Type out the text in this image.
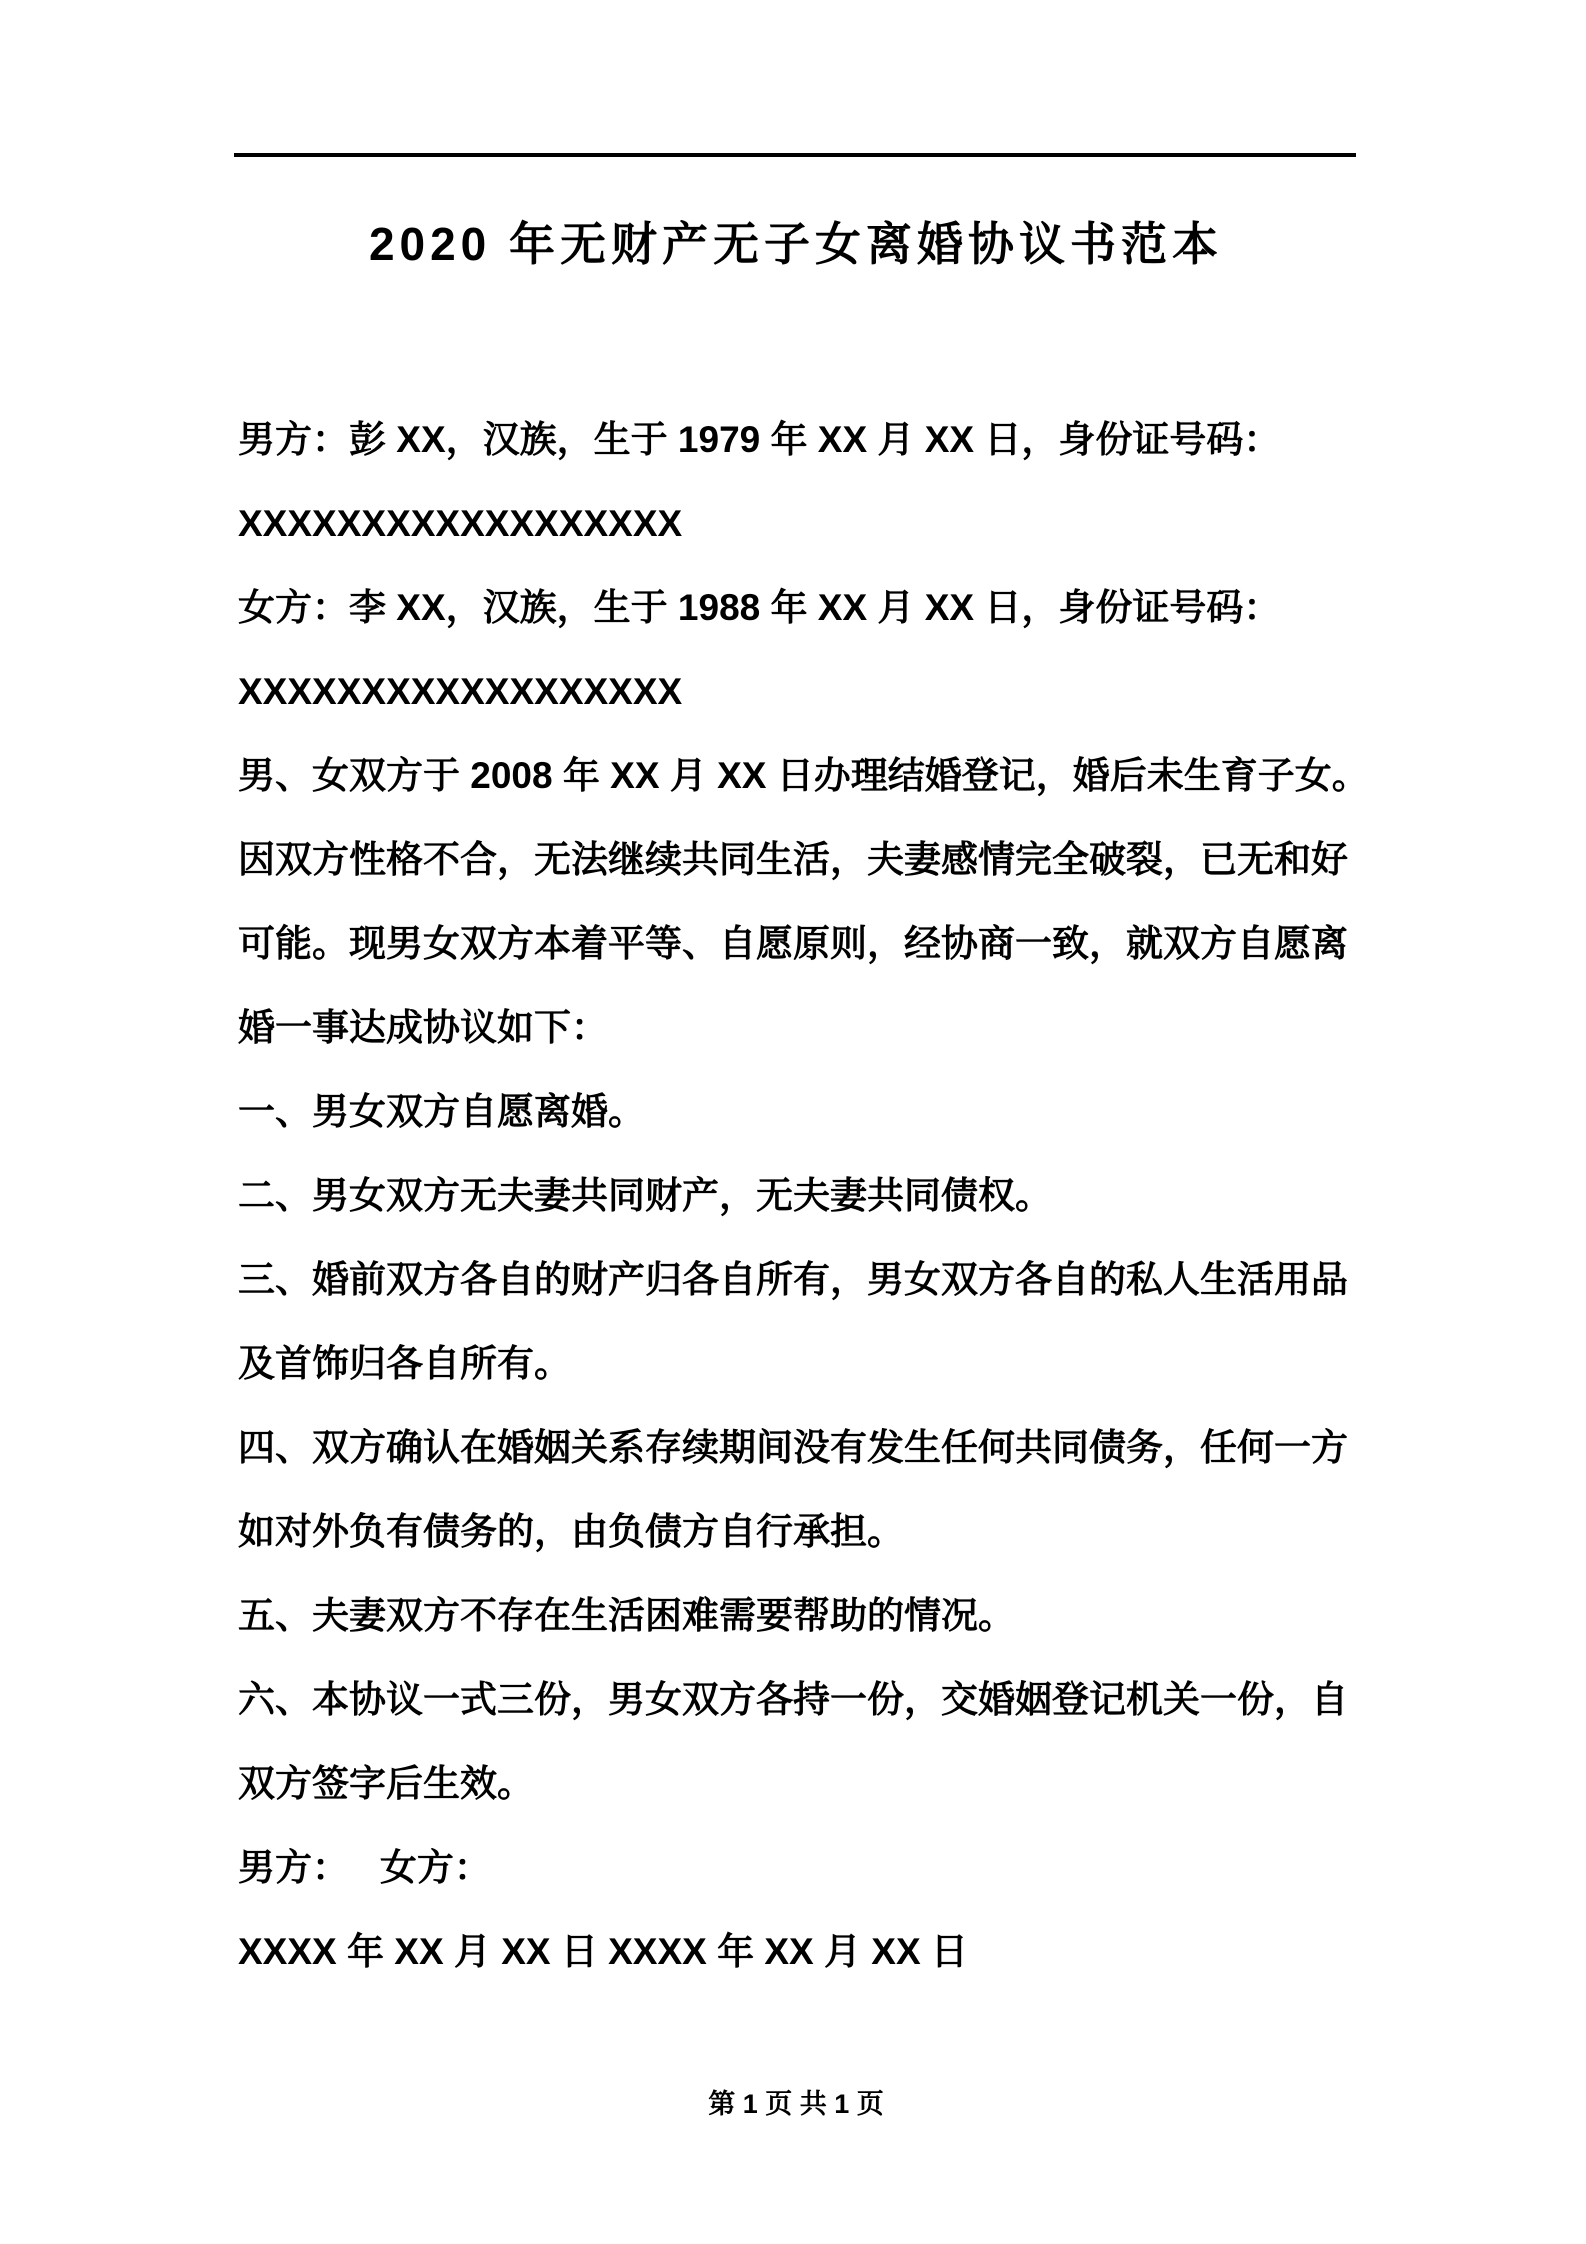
2020 年无财产无子女离婚协议书范本
男方：彭 XX，汉族，生于 1979 年 XX 月 XX 日，身份证号码：
XXXXXXXXXXXXXXXXXX
女方：李 XX，汉族，生于 1988 年 XX 月 XX 日，身份证号码：
XXXXXXXXXXXXXXXXXX
男、女双方于 2008 年 XX 月 XX 日办理结婚登记，婚后未生育子女。
因双方性格不合，无法继续共同生活，夫妻感情完全破裂，已无和好
可能。现男女双方本着平等、自愿原则，经协商一致，就双方自愿离
婚一事达成协议如下：
一、男女双方自愿离婚。
二、男女双方无夫妻共同财产，无夫妻共同债权。
三、婚前双方各自的财产归各自所有，男女双方各自的私人生活用品
及首饰归各自所有。
四、双方确认在婚姻关系存续期间没有发生任何共同债务，任何一方
如对外负有债务的，由负债方自行承担。
五、夫妻双方不存在生活困难需要帮助的情况。
六、本协议一式三份，男女双方各持一份，交婚姻登记机关一份，自
双方签字后生效。
男方：   女方：
XXXX 年 XX 月 XX 日 XXXX 年 XX 月 XX 日
第 1 页 共 1 页
